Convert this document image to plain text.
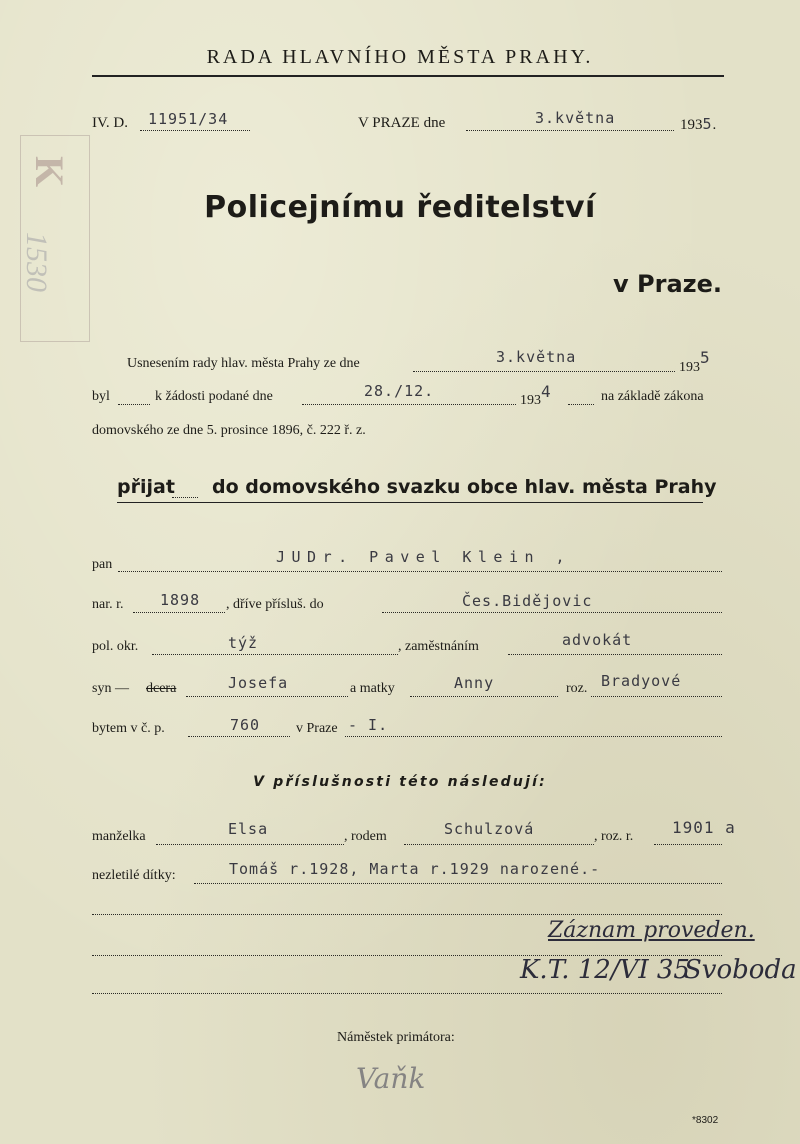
K
1530
RADA HLAVNÍHO MĚSTA PRAHY.
IV. D. 11951/34	V PRAZE dne	3.května	1935.
Policejnímu ředitelství
v Praze.
Usnesením rady hlav. města Prahy ze dne	3.května
1935
byl	k žádosti podané dne	28./12.
1934	na základě zákona
domovského ze dne 5. prosince 1896, č. 222 ř. z.
přijat do domovského svazku obce hlav. města Prahy
pan	JUDr. Pavel Klein ,
nar. r. 1898 , dříve přísluš. do	Čes.Bidějovic
pol. okr.	týž	, zaměstnáním	advokát
syn — dcera	Josefa	a matky	Anny	roz. Bradyové
bytem v č. p.	760	v Praze - I.
V příslušnosti této následují:
manželka	Elsa	, rodem	Schulzová	, roz. r. 1901 a
nezletilé dítky:	Tomáš r.1928, Marta r.1929 narozené.-
Záznam proveden.
K.T. 12/VI 35
Svoboda
Náměstek primátora:
Vaňk
*8302
